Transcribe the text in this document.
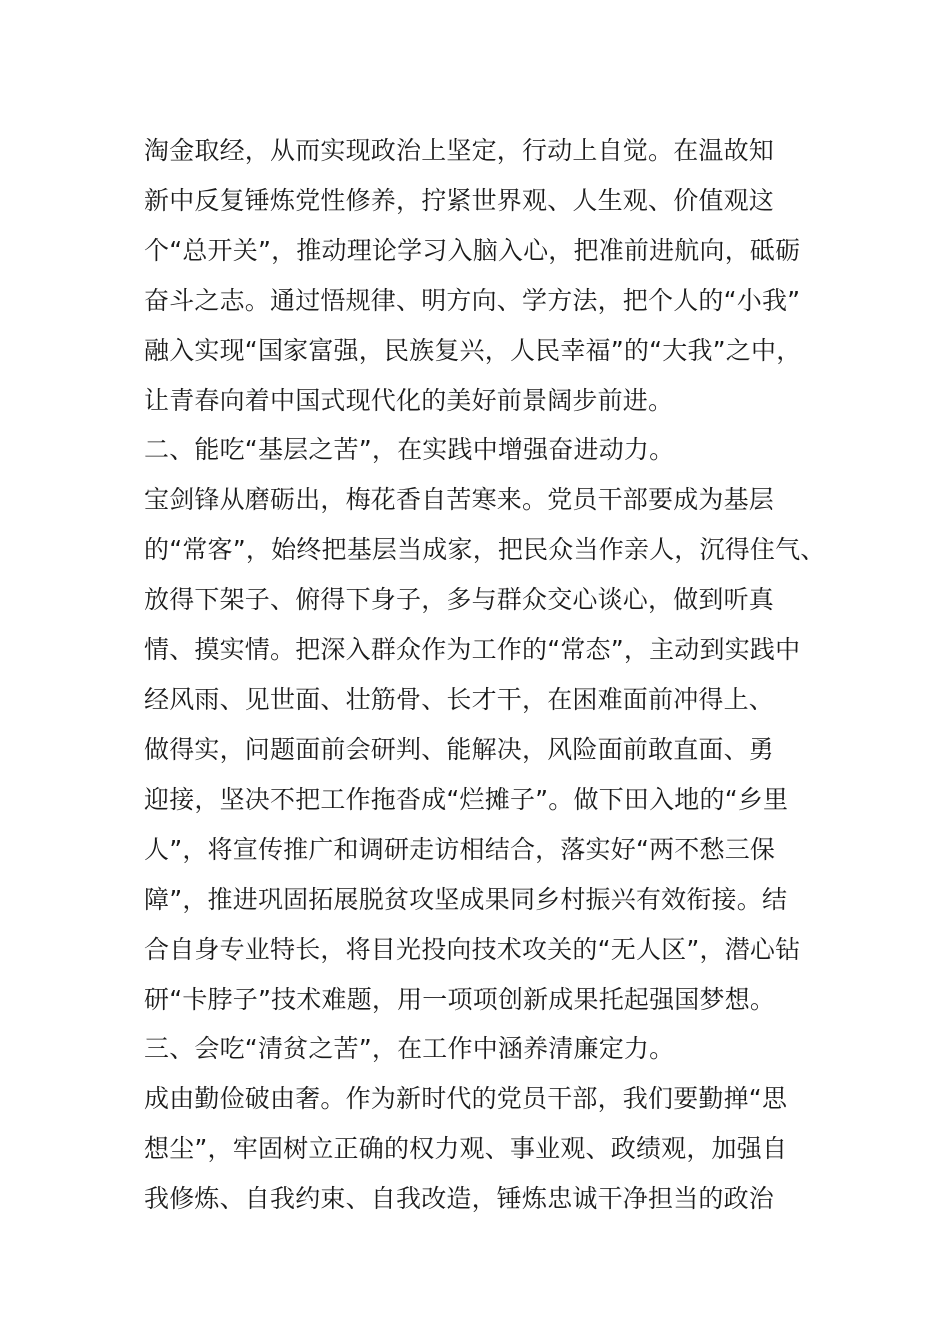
淘金取经，从而实现政治上坚定，行动上自觉。在温故知

新中反复锤炼党性修养，拧紧世界观、人生观、价值观这

个“总开关”，推动理论学习入脑入心，把准前进航向，砥砺

奋斗之志。通过悟规律、明方向、学方法，把个人的“小我”

融入实现“国家富强，民族复兴，人民幸福”的“大我”之中，

让青春向着中国式现代化的美好前景阔步前进。

二、能吃“基层之苦”，在实践中增强奋进动力。

宝剑锋从磨砺出，梅花香自苦寒来。党员干部要成为基层

的“常客”，始终把基层当成家，把民众当作亲人，沉得住气、

放得下架子、俯得下身子，多与群众交心谈心，做到听真

情、摸实情。把深入群众作为工作的“常态”，主动到实践中

经风雨、见世面、壮筋骨、长才干，在困难面前冲得上、

做得实，问题面前会研判、能解决，风险面前敢直面、勇

迎接，坚决不把工作拖沓成“烂摊子”。做下田入地的“乡里

人”，将宣传推广和调研走访相结合，落实好“两不愁三保

障”，推进巩固拓展脱贫攻坚成果同乡村振兴有效衔接。结

合自身专业特长，将目光投向技术攻关的“无人区”，潜心钻

研“卡脖子”技术难题，用一项项创新成果托起强国梦想。

三、会吃“清贫之苦”，在工作中涵养清廉定力。

成由勤俭破由奢。作为新时代的党员干部，我们要勤掸“思

想尘”，牢固树立正确的权力观、事业观、政绩观，加强自

我修炼、自我约束、自我改造，锤炼忠诚干净担当的政治
